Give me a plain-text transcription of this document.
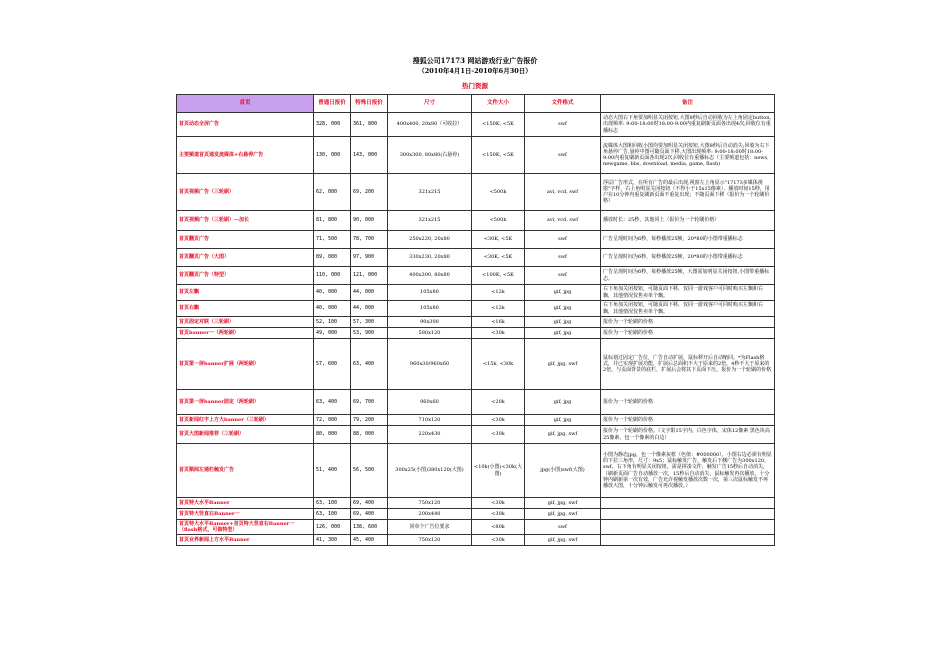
搜狐公司17173 网站游戏行业广告报价
（2010年4月1日-2010年6月30日）
热门资源
首页	普通日报价	特殊日报价	尺寸	文件大小	文件格式	备注
首页动态全屏广告	328, 000	361, 800	400x400, 20x80（可收拉）	<150K, <5K	swf	动态大图右下角要加明显关闭按钮,大图8秒后自动回收为左上角固定button,出现频率: 9:00-18:00时18:00-9:00内重复刷新页面各出现4次;回收位有重播标志
主要频道首页通发流媒体+右悬停广告	130, 000	143, 000	300x300, 80x80(右悬停)	<150K, <5K	swf	流媒体大图和回收小图均要加明显关闭按钮,大图8秒后自动消失;回收为右下角悬停广告,悬停中图可随页面下移,大图出现频率: 9:00-18:00时18:00-9:00内重复刷新页面各出现2次;回收位有重播标志（主要频道包括：news, newgame, bbs, download, media, game, flash)
首页视频广告（三轮刷）	62, 000	69, 200	321x215	<500k	avi, vcd, swf	浮层广告形式，在所有广告的最后出现,视窗左上角显示"17173多媒体视窗"字样，右上角明显关闭按钮（不得小于15x15像素），播放时间15秒，用户在10分钟内重复刷新页面不重复出现；不随页面下移（报价为一个轮刷价格）
首页视频广告（三轮刷）—加长	81, 800	90, 000	321x215	<500k	avi, vcd, swf	播放时长：25秒，其他同上（报价为一个轮刷价格）
首页翻页广告	71, 500	78, 700	250x220, 20x80	<30K, <5K	swf	广告呈现时间为6秒，每秒播放25帧，20*80的小图带重播标志
首页翻页广告（大图）	89, 000	97, 900	330x230, 20x80	<30K, <5K	swf	广告呈现时间为6秒，每秒播放25帧，20*80的小图带重播标志
首页翻页广告（特型）	110, 000	121, 000	400x300, 80x80	<100K, <5K	swf	广告呈现时间为6秒，每秒播放25帧，大图需加明显关闭按钮,小图带重播标志。
首页左飘	40, 000	44, 000	105x80	<12k	gif, jpg	右下角加关闭按钮，可随页面下移，仅同一游戏客户可同时购买左飘和右飘，其他情况仅售卖单个飘。
首页右飘	40, 000	44, 000	105x80	<12k	gif, jpg	右下角加关闭按钮，可随页面下移，仅同一游戏客户可同时购买左飘和右飘，其他情况仅售卖单个飘。
首页固定对联（三轮刷）	52, 100	57, 300	90x300	<16k	gif, jpg	报价为一个轮刷的价格
首页banner一（两轮刷）	49, 000	53, 900	580x120	<30k	gif, jpg	报价为一个轮刷的价格
首页第一屏banner扩展（两轮刷）	57, 600	63, 400	960x30/960x60	<15k, <30k	gif, jpg, swf	鼠标划过固定广告位，广告自动扩展，鼠标移开后自动缩回。*为Flash格式，并已实现扩展功能，扩展后总面积不大于原来的2倍，4秒不大于原来的2倍，与页面背景的底栏，扩展后会将其下页面下压，报价为一个轮刷的价格
首页第一屏banner固定（两轮刷）	63, 400	69, 700	960x60	<20k	gif, jpg	报价为一个轮刷的价格
首页新闻红字上方大banner（三轮刷）	72, 000	79, 200	710x120	<30k	gif, jpg	报价为一个轮刷的价格
首页大图新闻推荐（三轮刷）	80, 000	88, 000	220x430	<30k	gif, jpg, swf	报价为一个轮刷的价格。（文字限15字内，白色字体，宋体12像素 黑色块高25像素，包一个像素的白边）
首页顺阅左通栏触发广告	51, 400	56, 500	300x25(小图)380x120(大图)	<10k(小图)<30k(大图)	jpg(小图)swf(大图)	小图为静态jpg，包一个像素灰框（色值：#000000），小图右边必须有明显的下拉三角形，尺寸：9x5；鼠标触发广告，触发后下侧广告为300x120，swf，右下角有明显关闭按钮，需是拼凑文件，触发广告15秒后自动消失，（刷新页面广告自动播放一次，15秒后自动消失，鼠标触发再次播放，十分钟内刷新第一次有效，广告允许视触发播放次数一次，第三次鼠标触发不再播放大图，十分钟后触发可再次播放。）
首页特大水平Banner	63, 100	69, 400	750x120	<30k	gif, jpg, swf	
首页特大竖直右Banner一	63, 100	69, 400	200x440	<30k	gif, jpg, swf	
首页特大水平Banner+首页特大竖直右Banner一（flash格式，可做特型）	126, 000	138, 600	同单个广告位要求	<80k	swf	
首页业界新闻上方水平Banner	41, 300	45, 400	750x120	<30k	gif, jpg, swf	
